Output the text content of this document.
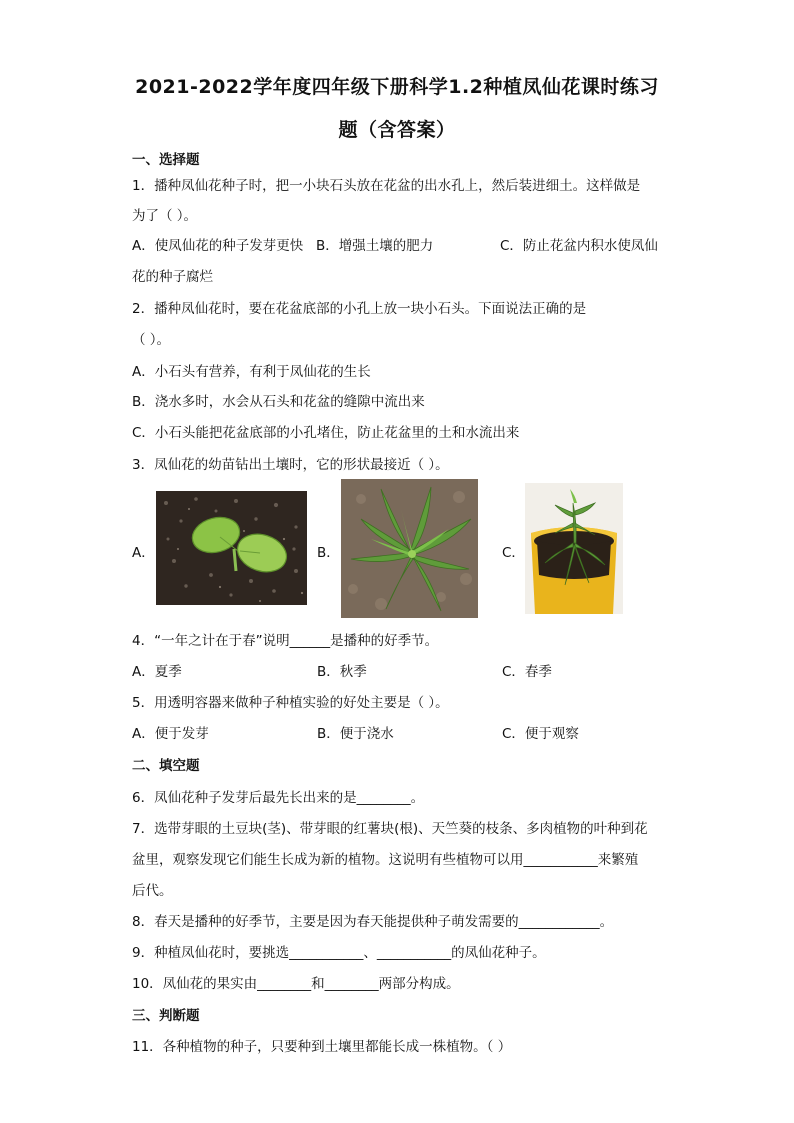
2021-2022学年度四年级下册科学1.2种植凤仙花课时练习
题（含答案）
一、选择题
1．播种凤仙花种子时，把一小块石头放在花盆的出水孔上，然后装进细土。这样做是
为了（ ）。
A．使凤仙花的种子发芽更快 B．增强土壤的肥力	C．防止花盆内积水使凤仙
花的种子腐烂
2．播种凤仙花时，要在花盆底部的小孔上放一块小石头。下面说法正确的是
（ ）。
A．小石头有营养，有利于凤仙花的生长
B．浇水多时，水会从石头和花盆的缝隙中流出来
C．小石头能把花盆底部的小孔堵住，防止花盆里的土和水流出来
3．凤仙花的幼苗钻出土壤时，它的形状最接近（ ）。
A．	B．	C．
4．“一年之计在于春”说明______是播种的好季节。
A．夏季	B．秋季	C．春季
5．用透明容器来做种子种植实验的好处主要是（ ）。
A．便于发芽	B．便于浇水	C．便于观察
二、填空题
6．凤仙花种子发芽后最先长出来的是________。
7．选带芽眼的土豆块(茎)、带芽眼的红薯块(根)、天竺葵的枝条、多肉植物的叶种到花
盆里，观察发现它们能生长成为新的植物。这说明有些植物可以用___________来繁殖
后代。
8．春天是播种的好季节，主要是因为春天能提供种子萌发需要的____________。
9．种植凤仙花时，要挑选___________、___________的凤仙花种子。
10．凤仙花的果实由________和________两部分构成。
三、判断题
11．各种植物的种子，只要种到土壤里都能长成一株植物。（ ）
